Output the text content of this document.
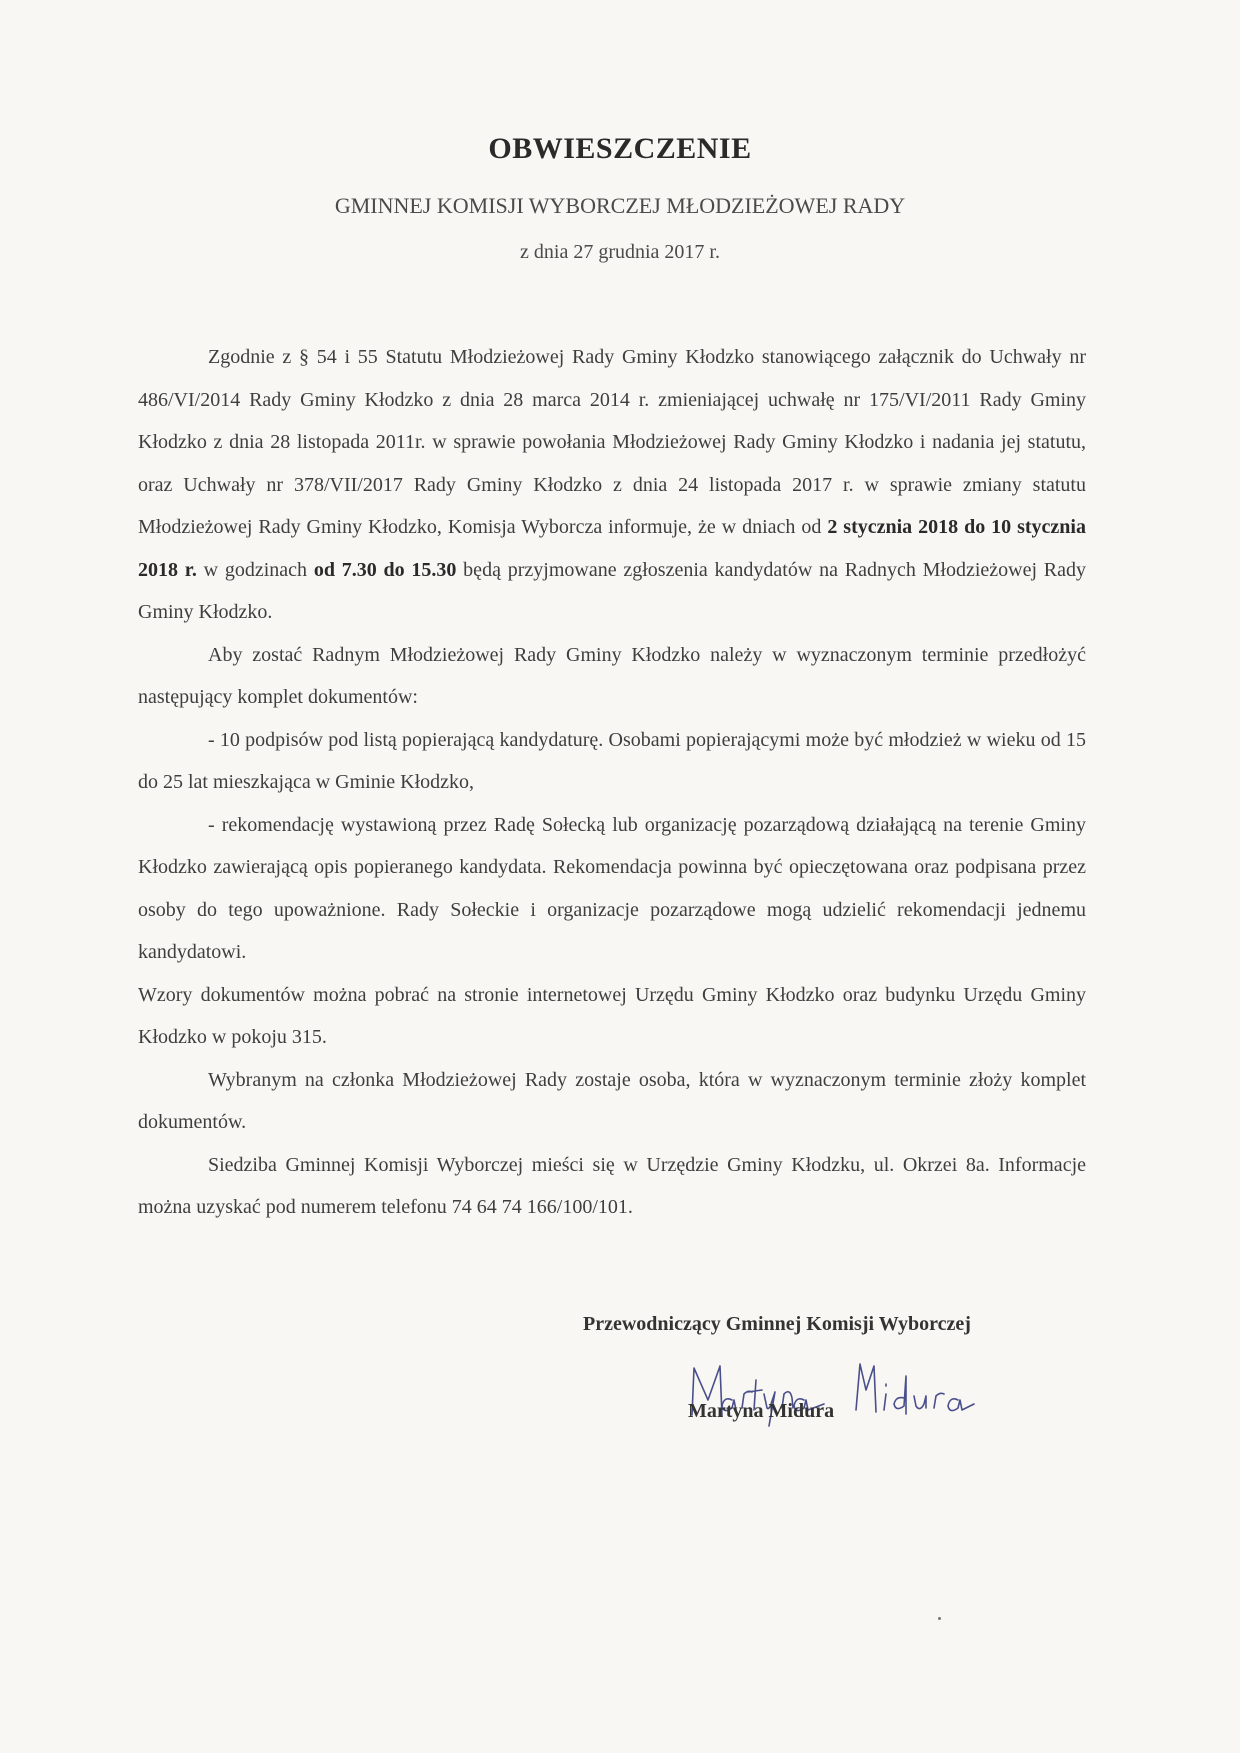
OBWIESZCZENIE
GMINNEJ KOMISJI WYBORCZEJ MŁODZIEŻOWEJ RADY
z dnia 27 grudnia 2017 r.

Zgodnie z § 54 i 55 Statutu Młodzieżowej Rady Gminy Kłodzko stanowiącego załącznik do Uchwały nr 486/VI/2014 Rady Gminy Kłodzko z dnia 28 marca 2014 r. zmieniającej uchwałę nr 175/VI/2011 Rady Gminy Kłodzko z dnia 28 listopada 2011r. w sprawie powołania Młodzieżowej Rady Gminy Kłodzko i nadania jej statutu, oraz Uchwały nr 378/VII/2017 Rady Gminy Kłodzko z dnia 24 listopada 2017 r. w sprawie zmiany statutu Młodzieżowej Rady Gminy Kłodzko, Komisja Wyborcza informuje, że w dniach od 2 stycznia 2018 do 10 stycznia 2018 r. w godzinach od 7.30 do 15.30 będą przyjmowane zgłoszenia kandydatów na Radnych Młodzieżowej Rady Gminy Kłodzko.

Aby zostać Radnym Młodzieżowej Rady Gminy Kłodzko należy w wyznaczonym terminie przedłożyć następujący komplet dokumentów:

- 10 podpisów pod listą popierającą kandydaturę. Osobami popierającymi może być młodzież w wieku od 15 do 25 lat mieszkająca w Gminie Kłodzko,

- rekomendację wystawioną przez Radę Sołecką lub organizację pozarządową działającą na terenie Gminy Kłodzko zawierającą opis popieranego kandydata. Rekomendacja powinna być opieczętowana oraz podpisana przez osoby do tego upoważnione. Rady Sołeckie i organizacje pozarządowe mogą udzielić rekomendacji jednemu kandydatowi.

Wzory dokumentów można pobrać na stronie internetowej Urzędu Gminy Kłodzko oraz budynku Urzędu Gminy Kłodzko w pokoju 315.

Wybranym na członka Młodzieżowej Rady zostaje osoba, która w wyznaczonym terminie złoży komplet dokumentów.

Siedziba Gminnej Komisji Wyborczej mieści się w Urzędzie Gminy Kłodzku, ul. Okrzei 8a. Informacje można uzyskać pod numerem telefonu 74 64 74 166/100/101.

Przewodniczący Gminnej Komisji Wyborczej
Martyna Midura
